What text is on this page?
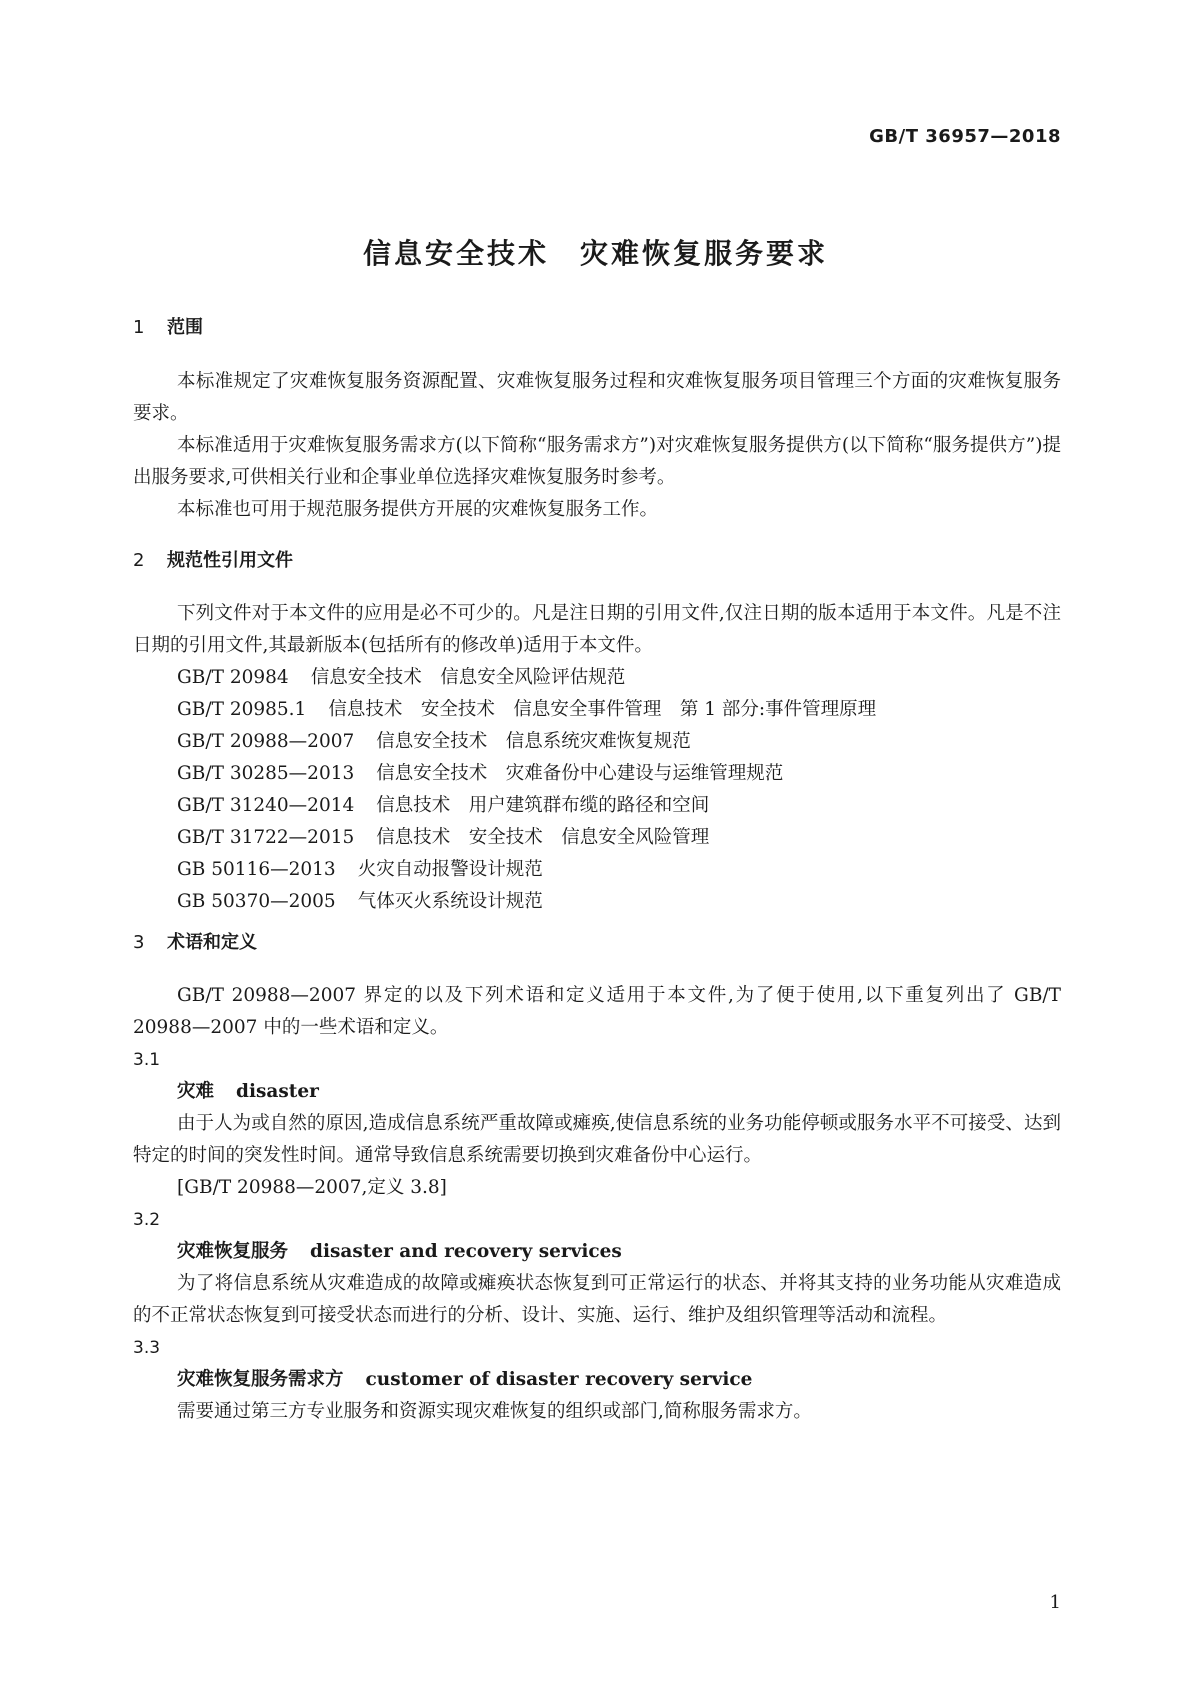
GB/T 36957—2018
信息安全技术　灾难恢复服务要求
1 范围

本标准规定了灾难恢复服务资源配置、灾难恢复服务过程和灾难恢复服务项目管理三个方面的灾难恢复服务要求。

本标准适用于灾难恢复服务需求方(以下简称“服务需求方”)对灾难恢复服务提供方(以下简称“服务提供方”)提出服务要求,可供相关行业和企事业单位选择灾难恢复服务时参考。

本标准也可用于规范服务提供方开展的灾难恢复服务工作。

2 规范性引用文件

下列文件对于本文件的应用是必不可少的。凡是注日期的引用文件,仅注日期的版本适用于本文件。凡是不注日期的引用文件,其最新版本(包括所有的修改单)适用于本文件。

GB/T 20984 信息安全技术　信息安全风险评估规范

GB/T 20985.1 信息技术　安全技术　信息安全事件管理　第 1 部分:事件管理原理

GB/T 20988—2007 信息安全技术　信息系统灾难恢复规范

GB/T 30285—2013 信息安全技术　灾难备份中心建设与运维管理规范

GB/T 31240—2014 信息技术　用户建筑群布缆的路径和空间

GB/T 31722—2015 信息技术　安全技术　信息安全风险管理

GB 50116—2013 火灾自动报警设计规范

GB 50370—2005 气体灭火系统设计规范

3 术语和定义

GB/T 20988—2007 界定的以及下列术语和定义适用于本文件,为了便于使用,以下重复列出了 GB/T 20988—2007 中的一些术语和定义。

3.1

灾难 disaster

由于人为或自然的原因,造成信息系统严重故障或瘫痪,使信息系统的业务功能停顿或服务水平不可接受、达到特定的时间的突发性时间。通常导致信息系统需要切换到灾难备份中心运行。

[GB/T 20988—2007,定义 3.8]

3.2

灾难恢复服务 disaster and recovery services

为了将信息系统从灾难造成的故障或瘫痪状态恢复到可正常运行的状态、并将其支持的业务功能从灾难造成的不正常状态恢复到可接受状态而进行的分析、设计、实施、运行、维护及组织管理等活动和流程。

3.3

灾难恢复服务需求方 customer of disaster recovery service

需要通过第三方专业服务和资源实现灾难恢复的组织或部门,简称服务需求方。

1
